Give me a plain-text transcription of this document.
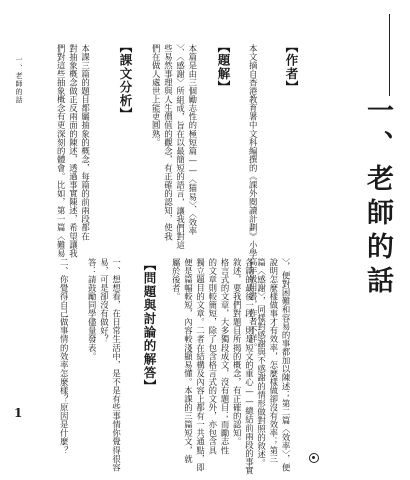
一、老師的話
【作者】
本文摘自香港教育署中文科編撰的《課外閱讀計劃》小學高年級用書，作者不詳。
【題解】
本篇是由三個勵志性的極短篇——〈猫易〉、〈效率
〉、〈感謝〉所組成，旨在以最簡短的語言，讓我們對這
些易然事理與人生價值的觀念，有正確的認知，使我
們在做人處世上能更圓熟。
【課文分析】
本課三篇的題目都屬抽象的概念，每篇的前兩段都在
對抽象概念做正反兩面的陳述，透過事實陳述，希望讓我
們對這些抽象概念有更深刻的體會。比如，第一篇〈難易
一、老師的話
1	〉，便對困難和容易的事都加以陳述；第二篇〈效率〉，便
說明怎麼樣做事才有效率，怎麼樣做卻沒有效率；第三
篇〈感謝〉，同樣對感謝與不感謝的情形做對照的敘述。
各篇的最後一段，則是短文的重心——總結前兩段的事實
敘述，要我們對題目所揭的概念，有正確的認知。
格言式的文章，大多獨段成文，沒有題目；而勵志性
的文章則較簡短，除了包含格言式的文外，亦包含具
獨立題目的文章。二者在結構及內容上都有一共通點，即
便是篇幅較短，內容較淺顯易懂。本課的三篇短文，就
屬於後者。
【問題與討論的解答】
一、想想看，在日常生活中，是不是有些事情你覺得很容
易，可是卻沒有做好？
答：請鼓勵同學儘量發表。
二、你覺得自己做事情的效率怎麼樣？原因是什麼？
